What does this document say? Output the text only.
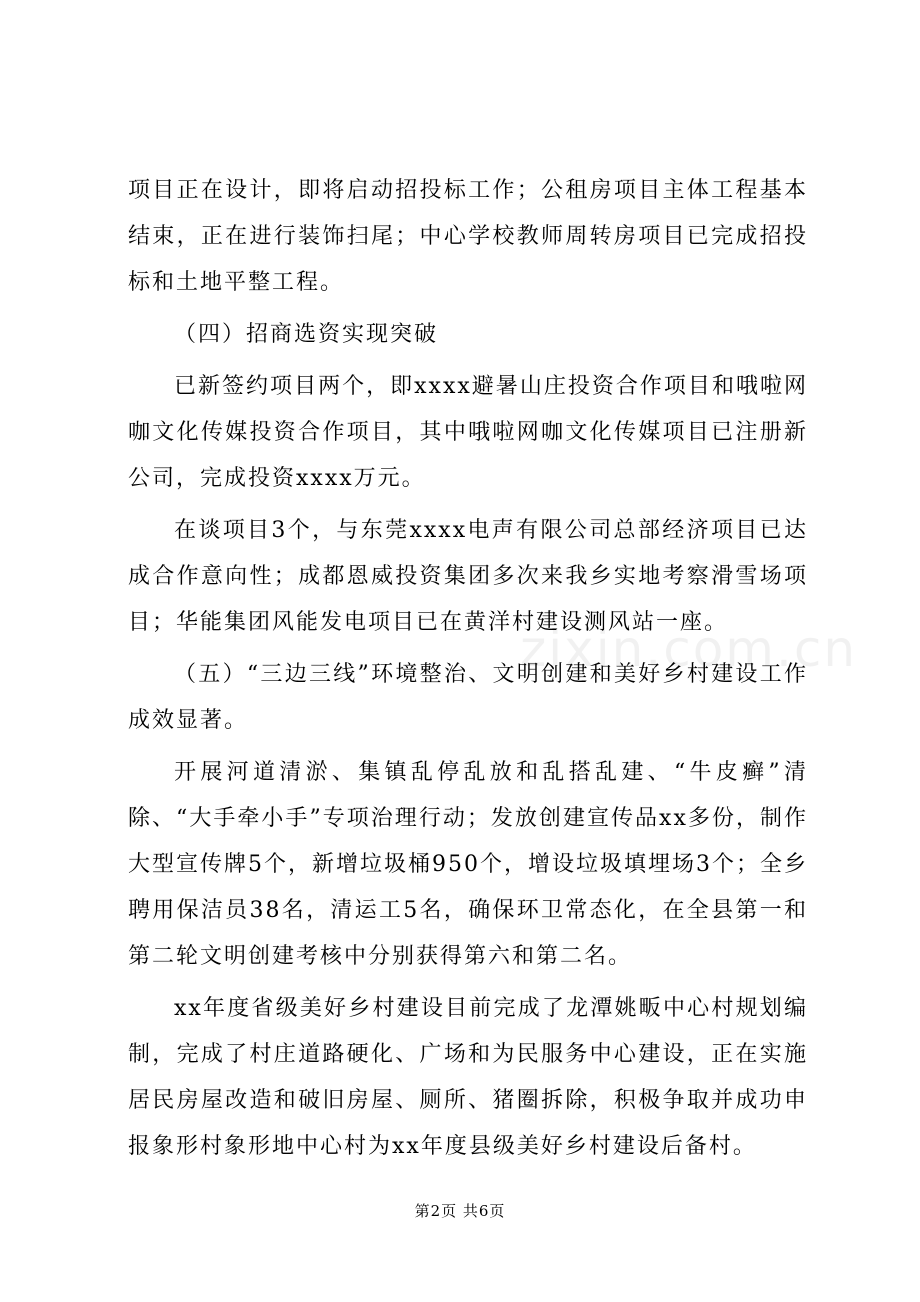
项目正在设计，即将启动招投标工作；公租房项目主体工程基本结束，正在进行装饰扫尾；中心学校教师周转房项目已完成招投标和土地平整工程。

（四）招商选资实现突破

已新签约项目两个，即xxxx避暑山庄投资合作项目和哦啦网咖文化传媒投资合作项目，其中哦啦网咖文化传媒项目已注册新公司，完成投资xxxx万元。

在谈项目3个，与东莞xxxx电声有限公司总部经济项目已达成合作意向性；成都恩威投资集团多次来我乡实地考察滑雪场项目；华能集团风能发电项目已在黄洋村建设测风站一座。

（五）“三边三线”环境整治、文明创建和美好乡村建设工作成效显著。

开展河道清淤、集镇乱停乱放和乱搭乱建、“牛皮癣”清除、“大手牵小手”专项治理行动；发放创建宣传品xx多份，制作大型宣传牌5个，新增垃圾桶950个，增设垃圾填埋场3个；全乡聘用保洁员38名，清运工5名，确保环卫常态化，在全县第一和第二轮文明创建考核中分别获得第六和第二名。

xx年度省级美好乡村建设目前完成了龙潭姚畈中心村规划编制，完成了村庄道路硬化、广场和为民服务中心建设，正在实施居民房屋改造和破旧房屋、厕所、猪圈拆除，积极争取并成功申报象形村象形地中心村为xx年度县级美好乡村建设后备村。

zixin.com.cn
第2页 共6页
